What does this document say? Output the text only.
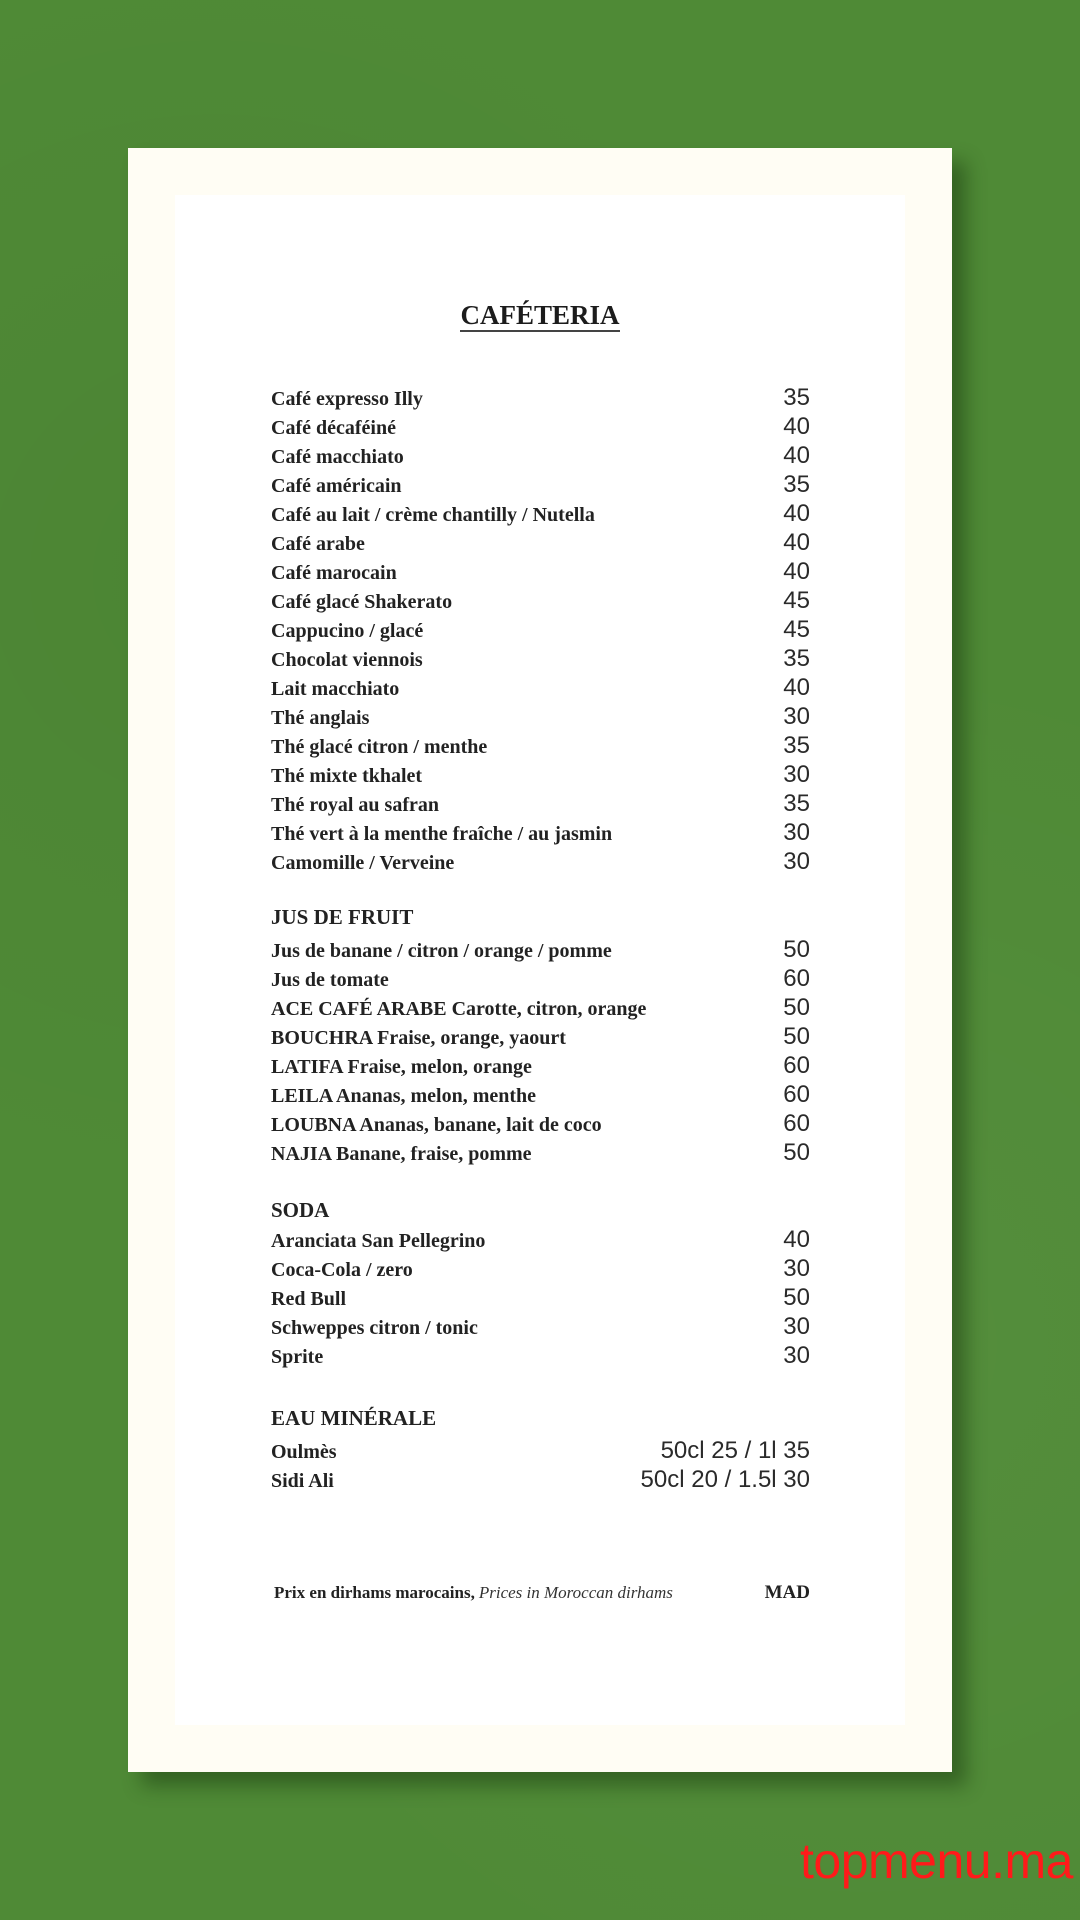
CAFÉTERIA
Café expresso Illy	35
Café décaféiné	40
Café macchiato	40
Café américain	35
Café au lait / crème chantilly / Nutella	40
Café arabe	40
Café marocain	40
Café glacé Shakerato	45
Cappucino / glacé	45
Chocolat viennois	35
Lait macchiato	40
Thé anglais	30
Thé glacé citron / menthe	35
Thé mixte tkhalet	30
Thé royal au safran	35
Thé vert à la menthe fraîche / au jasmin	30
Camomille / Verveine	30
JUS DE FRUIT
Jus de banane / citron / orange / pomme	50
Jus de tomate	60
ACE CAFÉ ARABE Carotte, citron, orange	50
BOUCHRA Fraise, orange, yaourt	50
LATIFA Fraise, melon, orange	60
LEILA Ananas, melon, menthe	60
LOUBNA Ananas, banane, lait de coco	60
NAJIA Banane, fraise, pomme	50
SODA
Aranciata San Pellegrino	40
Coca-Cola / zero	30
Red Bull	50
Schweppes citron / tonic	30
Sprite	30
EAU MINÉRALE
Oulmès	50cl 25 / 1l 35
Sidi Ali	50cl 20 / 1.5l 30
Prix en dirhams marocains, Prices in Moroccan dirhams	MAD
topmenu.ma
